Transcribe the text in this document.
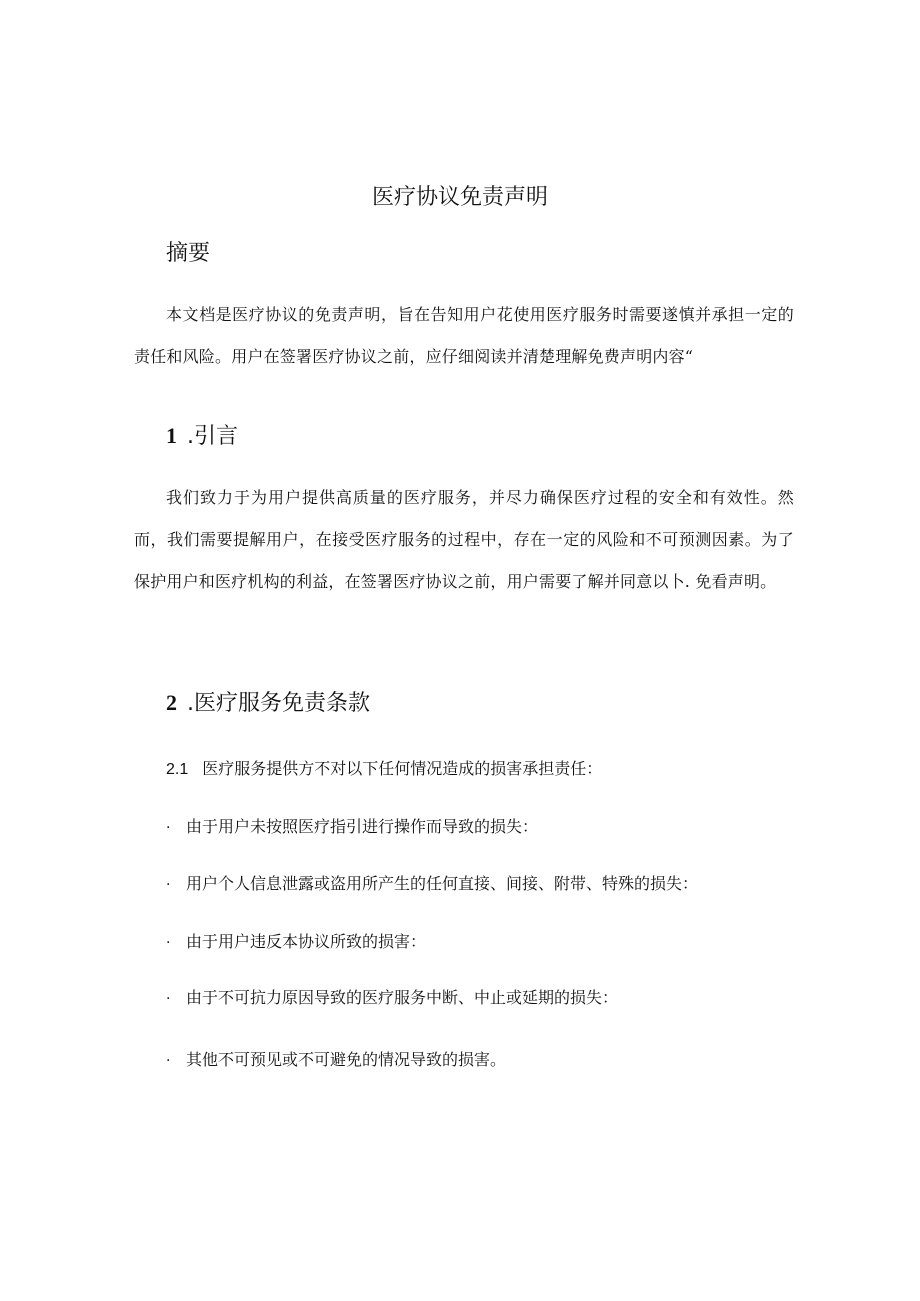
医疗协议免责声明
摘要

本文档是医疗协议的免责声明，旨在告知用户花使用医疗服务时需要遂慎并承担一定的责任和风险。用户在签署医疗协议之前，应仔细阅读并清楚理解免费声明内容“

1 .引言

我们致力于为用户提供高质量的医疗服务，并尽力确保医疗过程的安全和有效性。然而，我们需要提解用户，在接受医疗服务的过程中，存在一定的风险和不可预测因素。为了保护用户和医疗机构的利益，在签署医疗协议之前，用户需要了解并同意以卜. 免看声明。

2 .医疗服务免责条款

2.1 医疗服务提供方不对以下任何情况造成的损害承担责任：

· 由于用户未按照医疗指引进行操作而导致的损失：
· 用户个人信息泄露或盗用所产生的任何直接、间接、附带、特殊的损失：
· 由于用户违反本协议所致的损害：
· 由于不可抗力原因导致的医疗服务中断、中止或延期的损失：
· 其他不可预见或不可避免的情况导致的损害。
